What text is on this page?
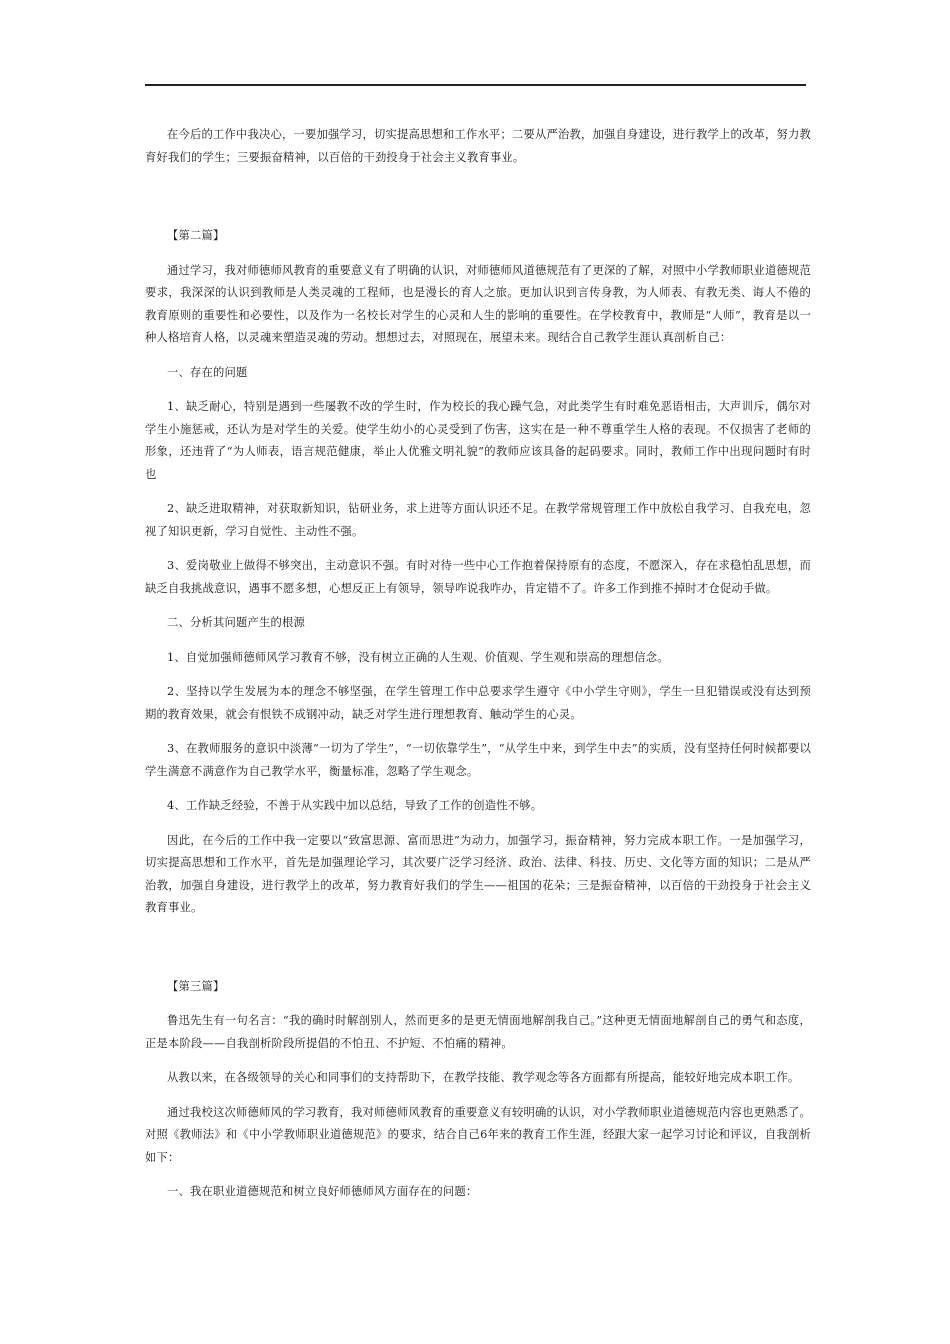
在今后的工作中我决心，一要加强学习，切实提高思想和工作水平；二要从严治教，加强自身建设，进行教学上的改革，努力教育好我们的学生；三要振奋精神，以百倍的干劲投身于社会主义教育事业。

【第二篇】

通过学习，我对师德师风教育的重要意义有了明确的认识，对师德师风道德规范有了更深的了解，对照中小学教师职业道德规范要求，我深深的认识到教师是人类灵魂的工程师，也是漫长的育人之旅。更加认识到言传身教，为人师表、有教无类、诲人不倦的教育原则的重要性和必要性，以及作为一名校长对学生的心灵和人生的影响的重要性。在学校教育中，教师是“人师”，教育是以一种人格培育人格，以灵魂来塑造灵魂的劳动。想想过去，对照现在，展望未来。现结合自己教学生涯认真剖析自己：

一、存在的问题

1、缺乏耐心，特别是遇到一些屡教不改的学生时，作为校长的我心躁气急，对此类学生有时难免恶语相击，大声训斥，偶尔对学生小施惩戒，还认为是对学生的关爱。使学生幼小的心灵受到了伤害，这实在是一种不尊重学生人格的表现。不仅损害了老师的形象，还违背了“为人师表，语言规范健康，举止人优雅文明礼貌”的教师应该具备的起码要求。同时，教师工作中出现问题时有时也

2、缺乏进取精神，对获取新知识，钻研业务，求上进等方面认识还不足。在教学常规管理工作中放松自我学习、自我充电，忽视了知识更新，学习自觉性、主动性不强。

3、爱岗敬业上做得不够突出，主动意识不强。有时对待一些中心工作抱着保持原有的态度，不愿深入，存在求稳怕乱思想，而缺乏自我挑战意识，遇事不愿多想，心想反正上有领导，领导咋说我咋办，肯定错不了。许多工作到推不掉时才仓促动手做。

二、分析其问题产生的根源

1、自觉加强师德师风学习教育不够，没有树立正确的人生观、价值观、学生观和崇高的理想信念。

2、坚持以学生发展为本的理念不够坚强，在学生管理工作中总要求学生遵守《中小学生守则》，学生一旦犯错误或没有达到预期的教育效果，就会有恨铁不成钢冲动，缺乏对学生进行理想教育、触动学生的心灵。

3、在教师服务的意识中淡薄“一切为了学生”，“一切依靠学生”，“从学生中来，到学生中去”的实质，没有坚持任何时候都要以学生满意不满意作为自己教学水平，衡量标准，忽略了学生观念。

4、工作缺乏经验，不善于从实践中加以总结，导致了工作的创造性不够。

因此，在今后的工作中我一定要以“致富思源、富而思进”为动力，加强学习，振奋精神，努力完成本职工作。一是加强学习，切实提高思想和工作水平，首先是加强理论学习，其次要广泛学习经济、政治、法律、科技、历史、文化等方面的知识；二是从严治教，加强自身建设，进行教学上的改革，努力教育好我们的学生——祖国的花朵；三是振奋精神，以百倍的干劲投身于社会主义教育事业。

【第三篇】

鲁迅先生有一句名言：“我的确时时解剖别人，然而更多的是更无情面地解剖我自己。”这种更无情面地解剖自己的勇气和态度，正是本阶段——自我剖析阶段所提倡的不怕丑、不护短、不怕痛的精神。

从教以来，在各级领导的关心和同事们的支持帮助下，在教学技能、教学观念等各方面都有所提高，能较好地完成本职工作。

通过我校这次师德师风的学习教育，我对师德师风教育的重要意义有较明确的认识，对小学教师职业道德规范内容也更熟悉了。对照《教师法》和《中小学教师职业道德规范》的要求，结合自己6年来的教育工作生涯，经跟大家一起学习讨论和评议，自我剖析如下：

一、我在职业道德规范和树立良好师德师风方面存在的问题：
